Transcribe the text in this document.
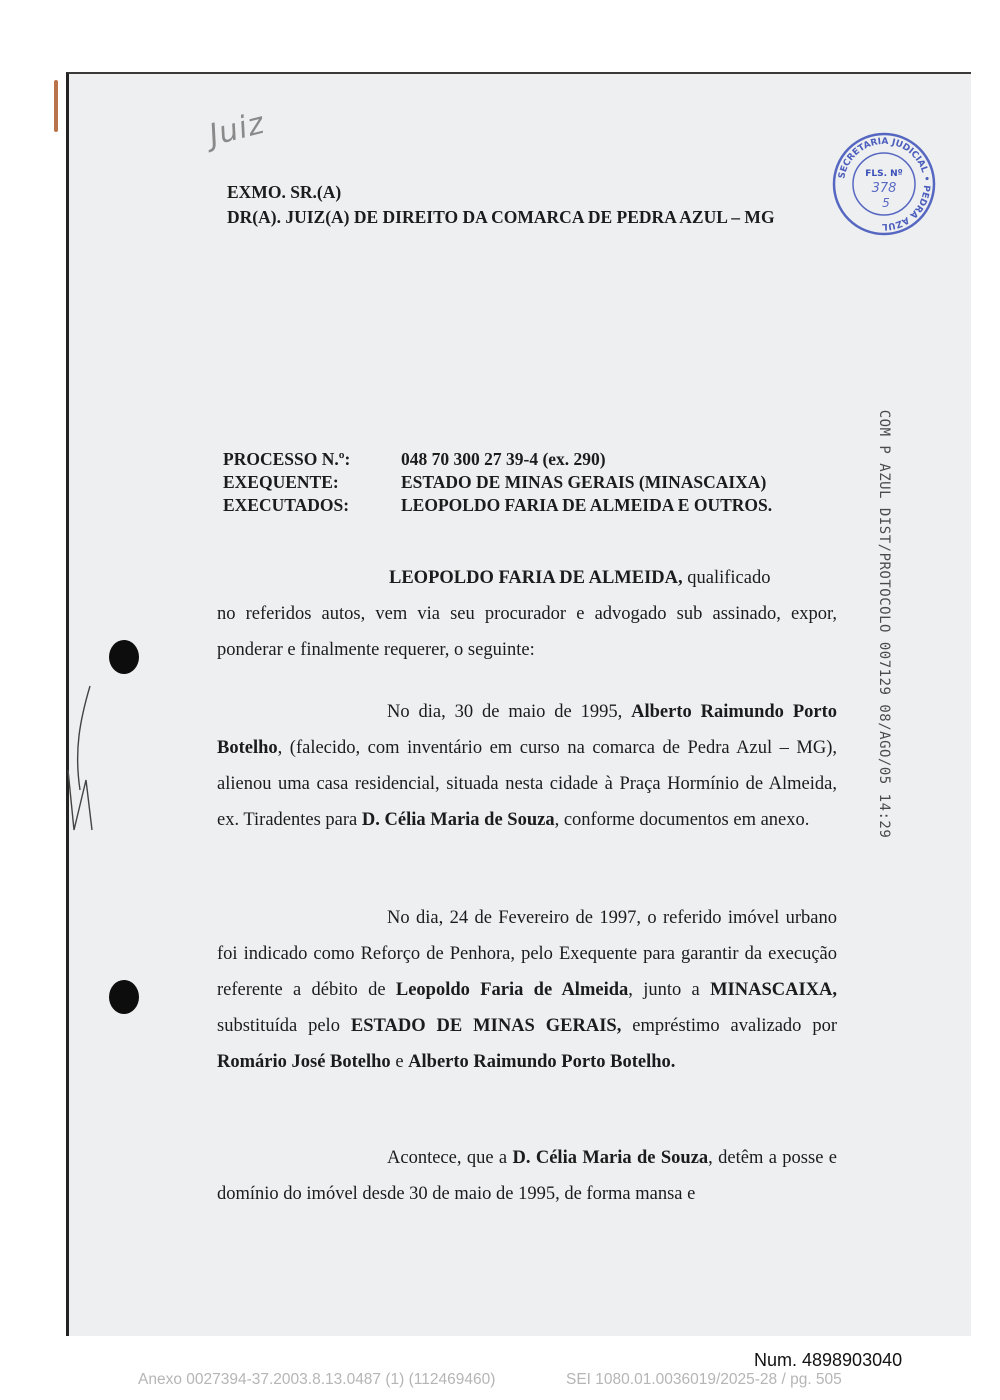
Juiz
SECRETARIA JUDICIAL • PEDRA AZUL
FLS. Nº
378
5
EXMO. SR.(A)
DR(A). JUIZ(A) DE DIREITO DA COMARCA DE PEDRA AZUL – MG
COM P AZUL DIST/PROTOCOLO 007129 08/AGO/05 14:29
PROCESSO N.º:	048 70 300 27 39-4 (ex. 290)
EXEQUENTE:	ESTADO DE MINAS GERAIS (MINASCAIXA)
EXECUTADOS:	LEOPOLDO FARIA DE ALMEIDA E OUTROS.

LEOPOLDO FARIA DE ALMEIDA, qualificado

no referidos autos, vem via seu procurador e advogado sub assinado, expor, ponderar e finalmente requerer, o seguinte:

No dia, 30 de maio de 1995, Alberto Raimundo Porto Botelho, (falecido, com inventário em curso na comarca de Pedra Azul – MG), alienou uma casa residencial, situada nesta cidade à Praça Hormínio de Almeida, ex. Tiradentes para D. Célia Maria de Souza, conforme documentos em anexo.

No dia, 24 de Fevereiro de 1997, o referido imóvel urbano foi indicado como Reforço de Penhora, pelo Exequente para garantir da execução referente a débito de Leopoldo Faria de Almeida, junto a MINASCAIXA, substituída pelo ESTADO DE MINAS GERAIS, empréstimo avalizado por Romário José Botelho e Alberto Raimundo Porto Botelho.

Acontece, que a D. Célia Maria de Souza, detêm a posse e domínio do imóvel desde 30 de maio de 1995, de forma mansa e

Num. 4898903040
Anexo 0027394-37.2003.8.13.0487 (1) (112469460)	SEI 1080.01.0036019/2025-28 / pg. 505
